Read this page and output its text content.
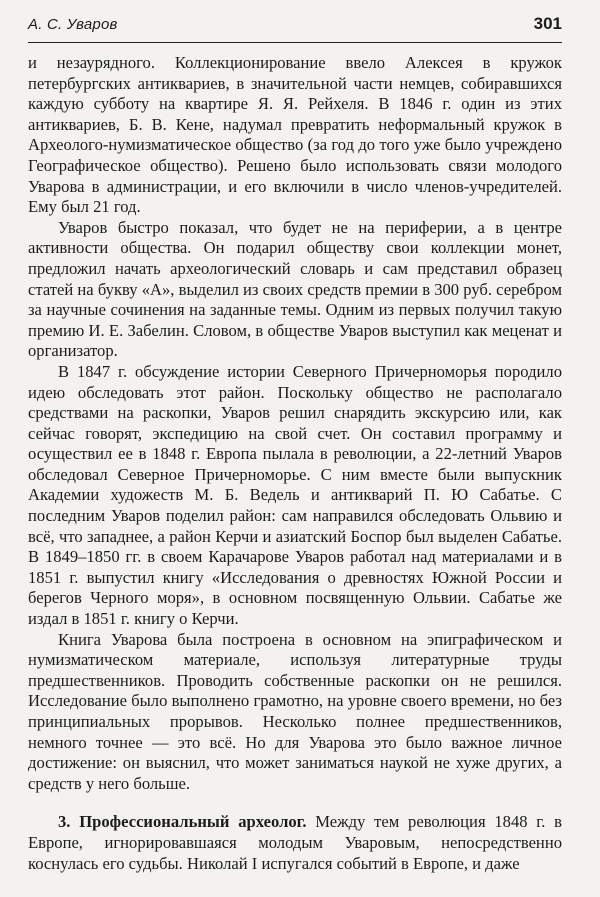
А. С. Уваров	301

и незаурядного. Коллекционирование ввело Алексея в кружок петербургских антиквариев, в значительной части немцев, собиравшихся каждую субботу на квартире Я. Я. Рейхеля. В 1846 г. один из этих антиквариев, Б. В. Кене, надумал превратить неформальный кружок в Археолого-нумизматическое общество (за год до того уже было учреждено Географическое общество). Решено было использовать связи молодого Уварова в администрации, и его включили в число членов-учредителей. Ему был 21 год.

Уваров быстро показал, что будет не на периферии, а в центре активности общества. Он подарил обществу свои коллекции монет, предложил начать археологический словарь и сам представил образец статей на букву «А», выделил из своих средств премии в 300 руб. серебром за научные сочинения на заданные темы. Одним из первых получил такую премию И. Е. Забелин. Словом, в обществе Уваров выступил как меценат и организатор.

В 1847 г. обсуждение истории Северного Причерноморья породило идею обследовать этот район. Поскольку общество не располагало средствами на раскопки, Уваров решил снарядить экскурсию или, как сейчас говорят, экспедицию на свой счет. Он составил программу и осуществил ее в 1848 г. Европа пылала в революции, а 22-летний Уваров обследовал Северное Причерноморье. С ним вместе были выпускник Академии художеств М. Б. Ведель и антикварий П. Ю Сабатье. С последним Уваров поделил район: сам направился обследовать Ольвию и всё, что западнее, а район Керчи и азиатский Боспор был выделен Сабатье. В 1849–1850 гг. в своем Карачарове Уваров работал над материалами и в 1851 г. выпустил книгу «Исследования о древностях Южной России и берегов Черного моря», в основном посвященную Ольвии. Сабатье же издал в 1851 г. книгу о Керчи.

Книга Уварова была построена в основном на эпиграфическом и нумизматическом материале, используя литературные труды предшественников. Проводить собственные раскопки он не решился. Исследование было выполнено грамотно, на уровне своего времени, но без принципиальных прорывов. Несколько полнее предшественников, немного точнее — это всё. Но для Уварова это было важное личное достижение: он выяснил, что может заниматься наукой не хуже других, а средств у него больше.

3. Профессиональный археолог. Между тем революция 1848 г. в Европе, игнорировавшаяся молодым Уваровым, непосредственно коснулась его судьбы. Николай I испугался событий в Европе, и даже
